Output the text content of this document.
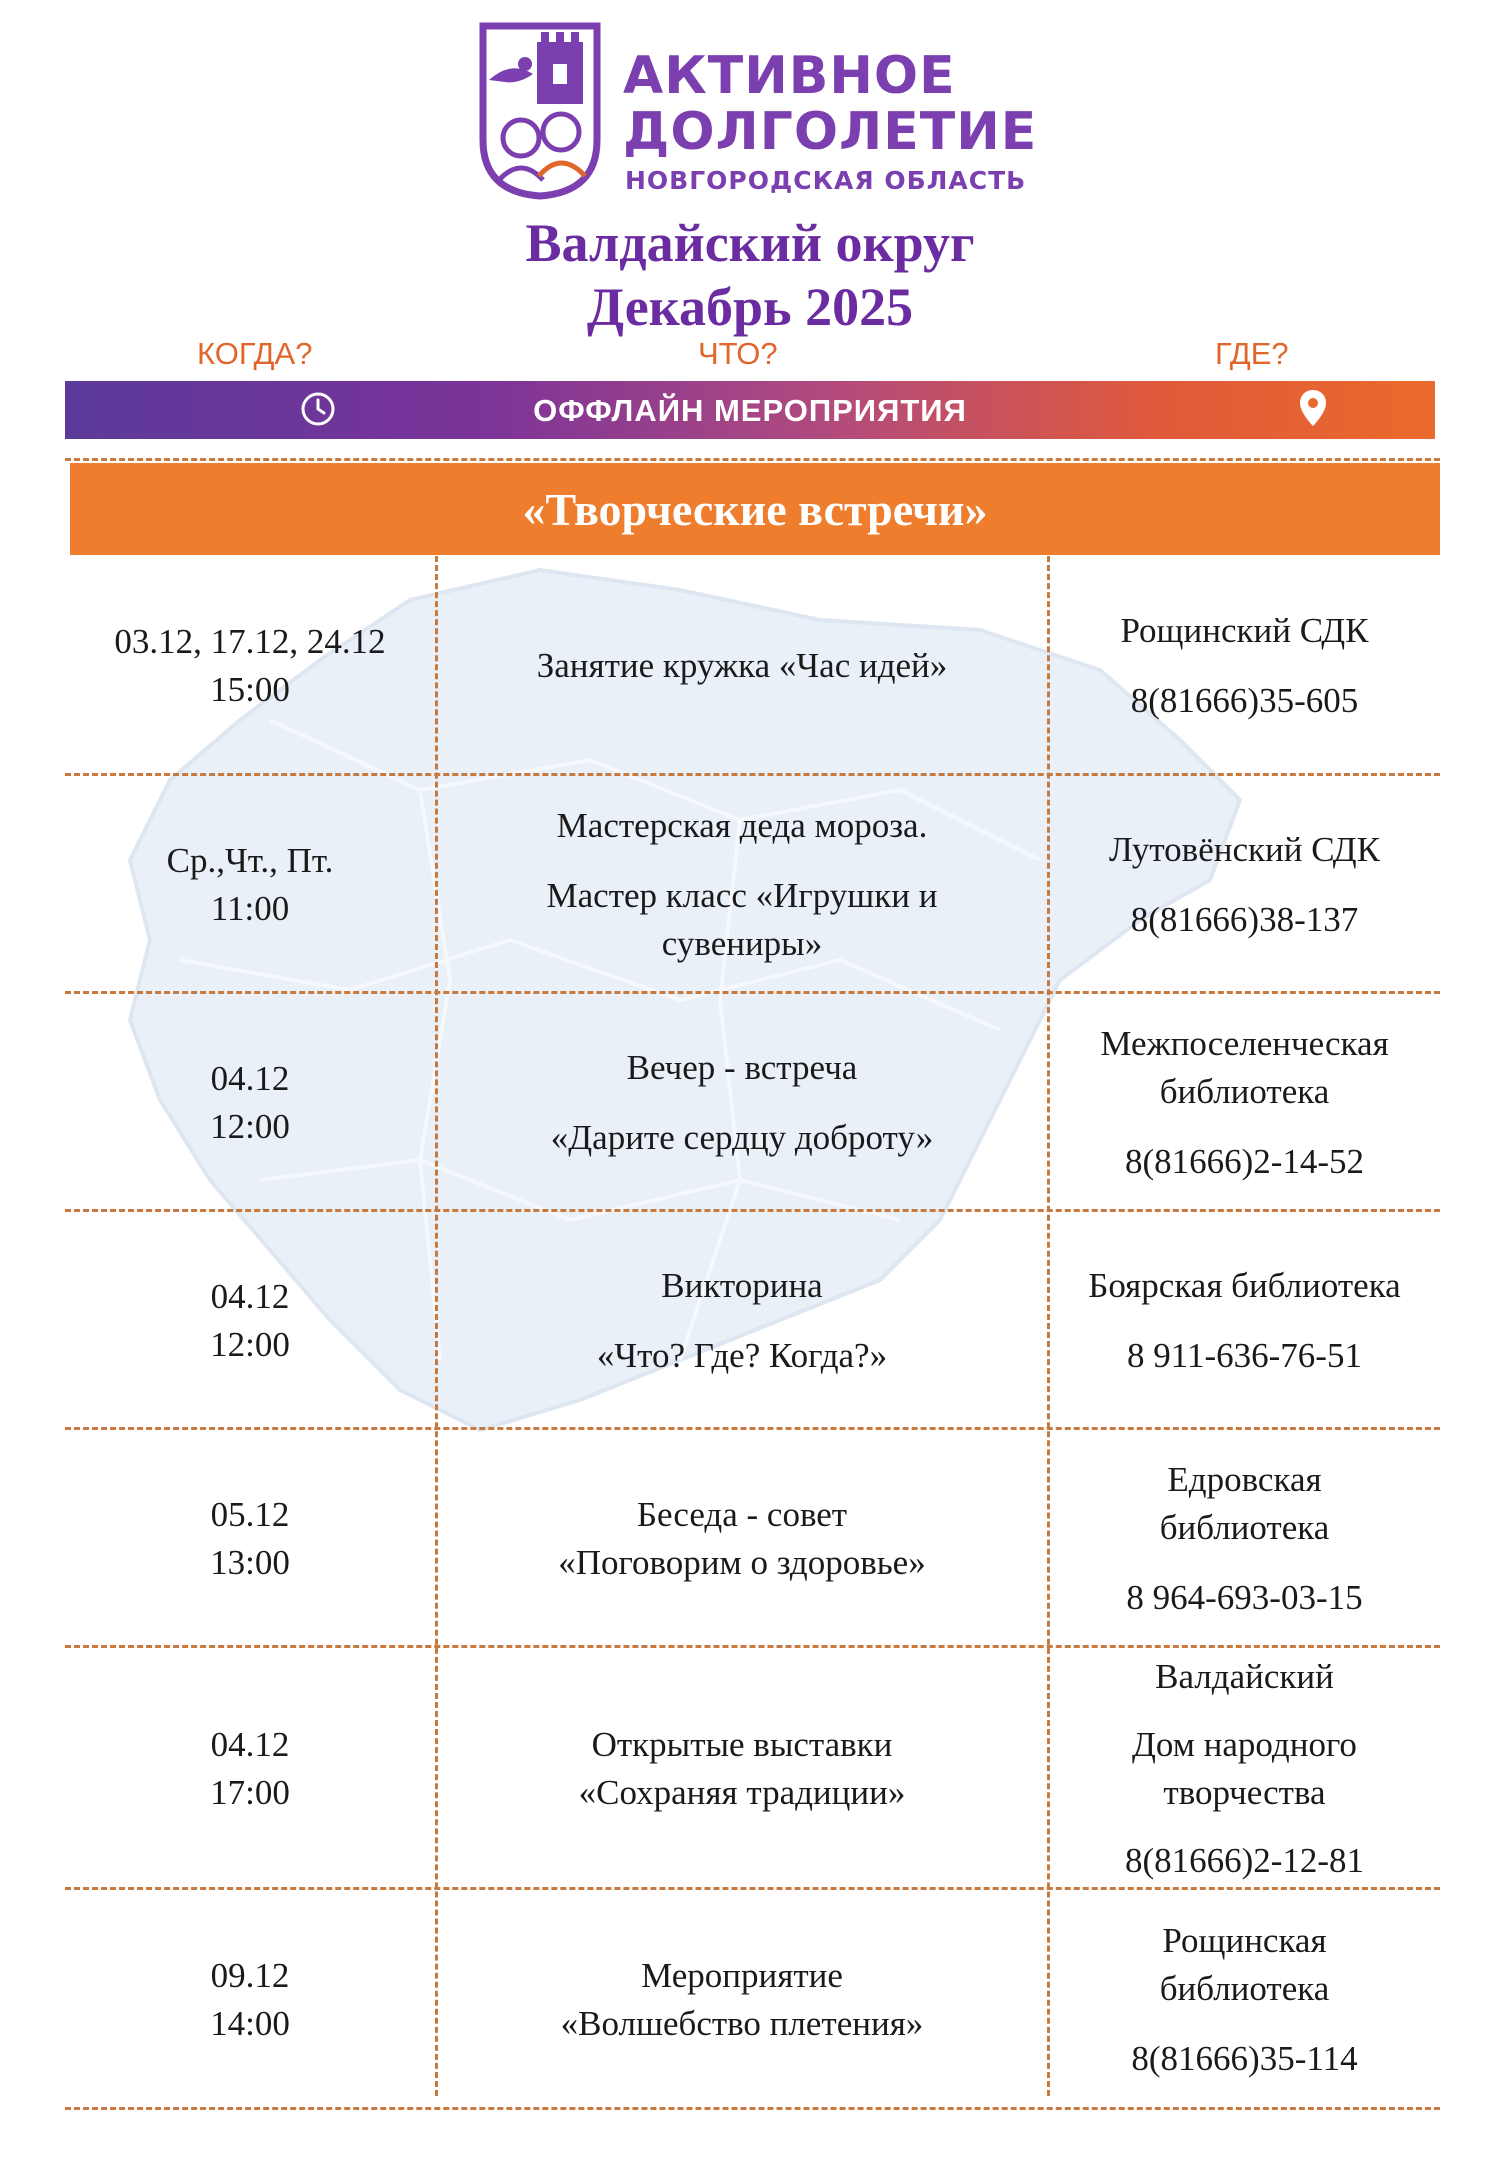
АКТИВНОЕ
ДОЛГОЛЕТИЕ
НОВГОРОДСКАЯ ОБЛАСТЬ
Валдайский округ
Декабрь 2025
КОГДА?	ЧТО?	ГДЕ?
ОФФЛАЙН МЕРОПРИЯТИЯ
«Творческие встречи»
03.12, 17.12, 24.12
15:00
Занятие кружка «Час идей»
Рощинский СДК
8(81666)35-605
Ср.,Чт., Пт.
11:00
Мастерская деда мороза.
Мастер класс «Игрушки и
сувениры»
Лутовёнский СДК
8(81666)38-137
04.12
12:00
Вечер - встреча
«Дарите сердцу доброту»
Межпоселенческая
библиотека
8(81666)2-14-52
04.12
12:00
Викторина
«Что? Где? Когда?»
Боярская библиотека
8 911-636-76-51
05.12
13:00
Беседа - совет
«Поговорим о здоровье»
Едровская
библиотека
8 964-693-03-15
04.12
17:00
Открытые выставки
«Сохраняя традиции»
Валдайский
Дом народного творчества
8(81666)2-12-81
09.12
14:00
Мероприятие
«Волшебство плетения»
Рощинская
библиотека
8(81666)35-114
